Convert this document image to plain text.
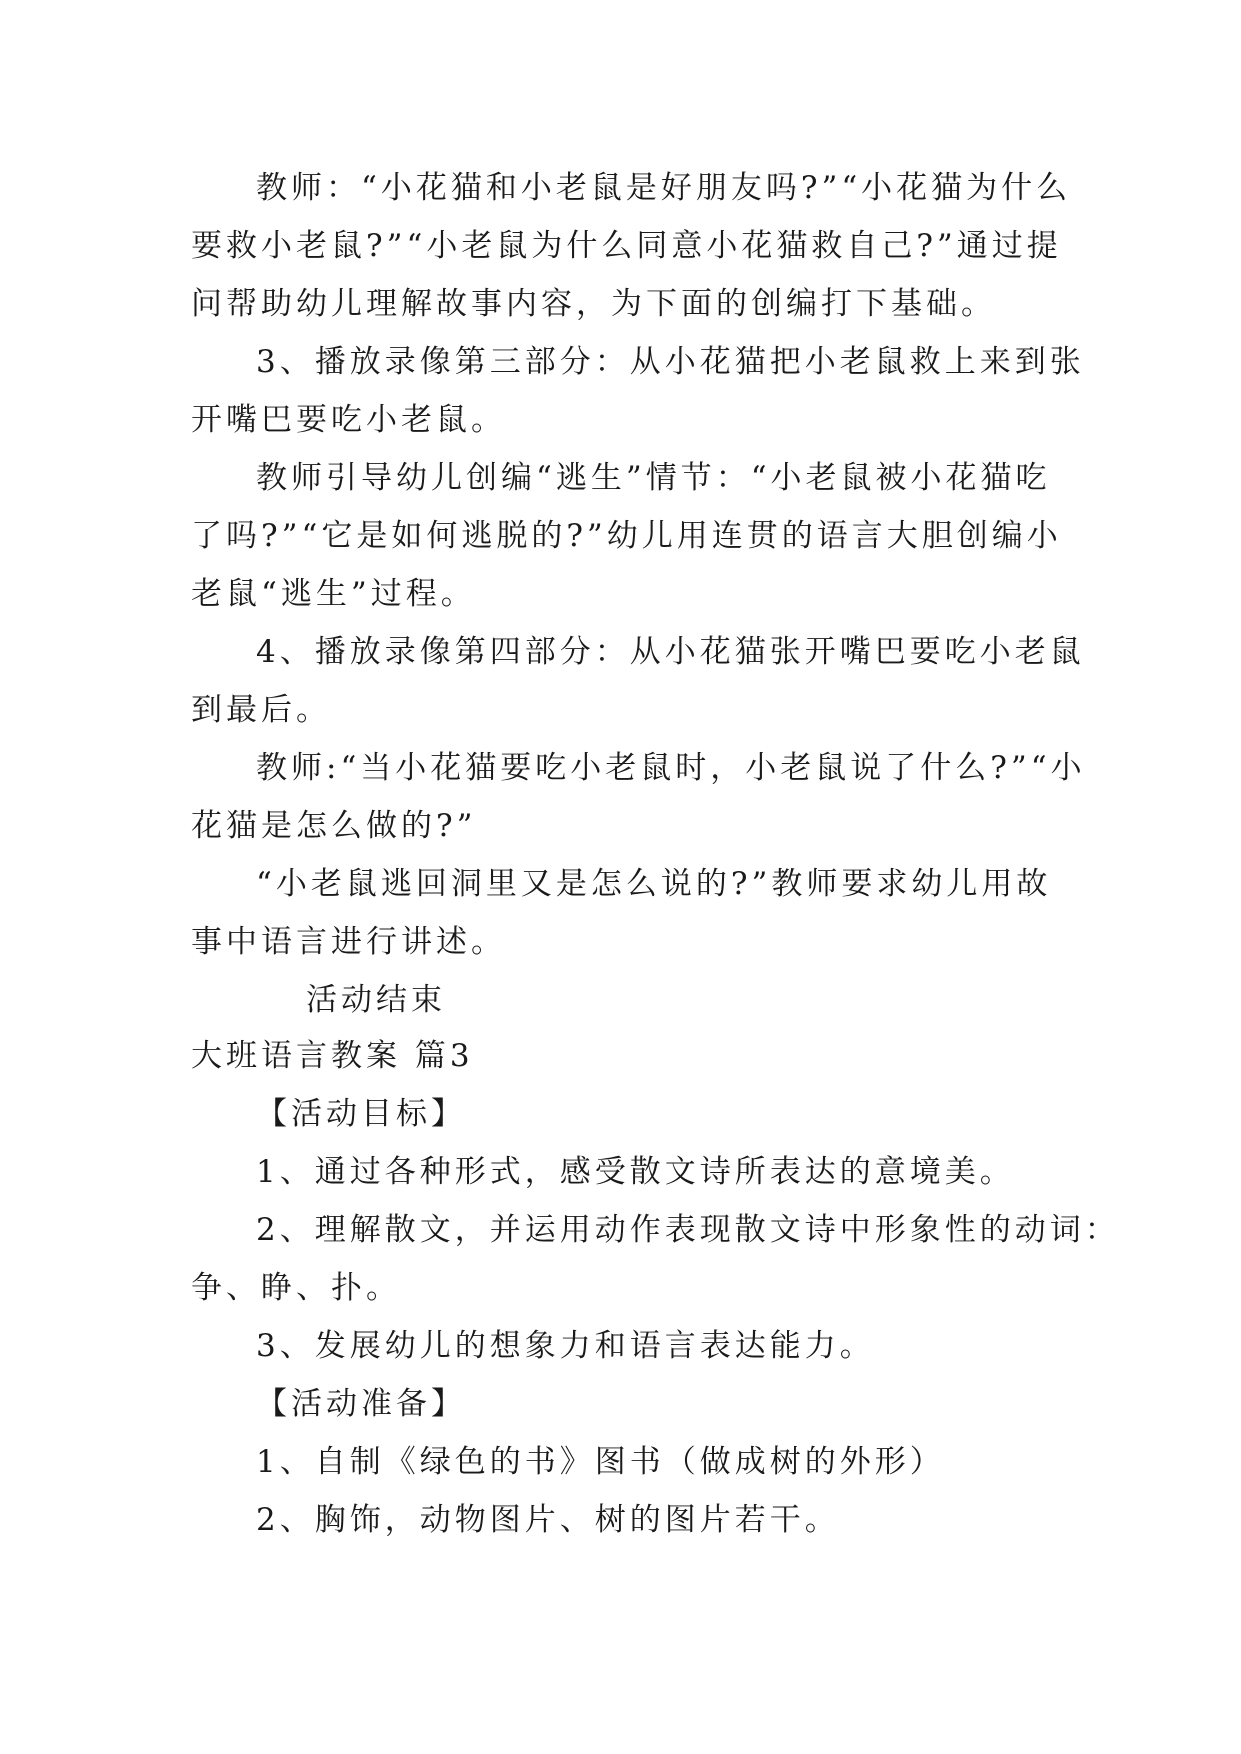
教师：“小花猫和小老鼠是好朋友吗?”“小花猫为什么
要救小老鼠?”“小老鼠为什么同意小花猫救自己?”通过提
问帮助幼儿理解故事内容，为下面的创编打下基础。
3、播放录像第三部分：从小花猫把小老鼠救上来到张
开嘴巴要吃小老鼠。
教师引导幼儿创编“逃生”情节：“小老鼠被小花猫吃
了吗?”“它是如何逃脱的?”幼儿用连贯的语言大胆创编小
老鼠“逃生”过程。
4、播放录像第四部分：从小花猫张开嘴巴要吃小老鼠
到最后。
教师:“当小花猫要吃小老鼠时，小老鼠说了什么?”“小
花猫是怎么做的?”
“小老鼠逃回洞里又是怎么说的?”教师要求幼儿用故
事中语言进行讲述。
活动结束
大班语言教案 篇3
【活动目标】
1、通过各种形式，感受散文诗所表达的意境美。
2、理解散文，并运用动作表现散文诗中形象性的动词：
争、睁、扑。
3、发展幼儿的想象力和语言表达能力。
【活动准备】
1、自制《绿色的书》图书（做成树的外形）
2、胸饰，动物图片、树的图片若干。
